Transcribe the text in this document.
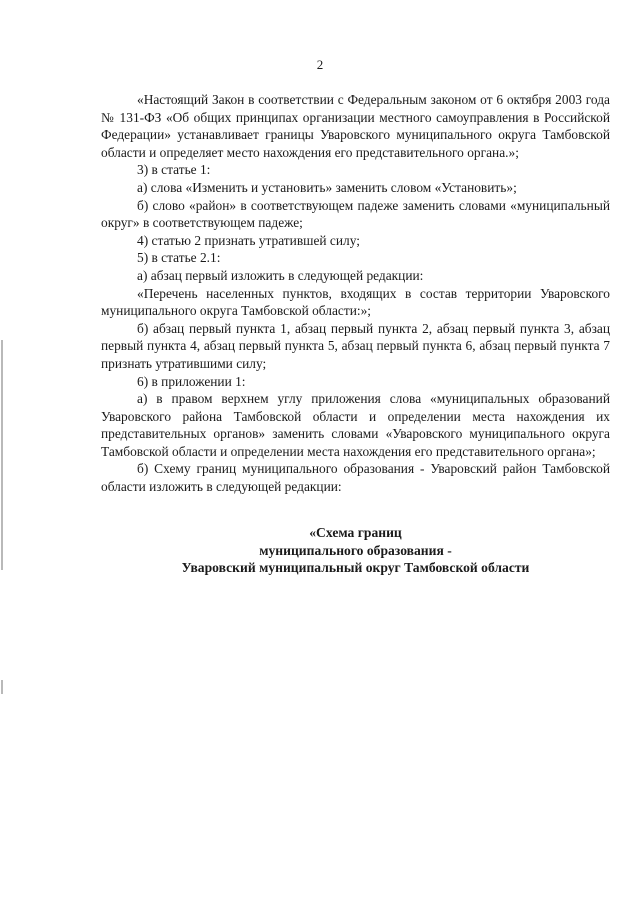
2

«Настоящий Закон в соответствии с Федеральным законом от 6 октября 2003 года № 131-ФЗ «Об общих принципах организации местного самоуправления в Российской Федерации» устанавливает границы Уваровского муниципального округа Тамбовской области и определяет место нахождения его представительного органа.»;

3) в статье 1:

а) слова «Изменить и установить» заменить словом «Установить»;

б) слово «район» в соответствующем падеже заменить словами «муниципальный округ» в соответствующем падеже;

4) статью 2 признать утратившей силу;

5) в статье 2.1:

а) абзац первый изложить в следующей редакции:

«Перечень населенных пунктов, входящих в состав территории Уваровского муниципального округа Тамбовской области:»;

б) абзац первый пункта 1, абзац первый пункта 2, абзац первый пункта 3, абзац первый пункта 4, абзац первый пункта 5, абзац первый пункта 6, абзац первый пункта 7 признать утратившими силу;

6) в приложении 1:

а) в правом верхнем углу приложения слова «муниципальных образований Уваровского района Тамбовской области и определении места нахождения их представительных органов» заменить словами «Уваровского муниципального округа Тамбовской области и определении места нахождения его представительного органа»;

б) Схему границ муниципального образования - Уваровский район Тамбовской области изложить в следующей редакции:

«Схема границ
муниципального образования -
Уваровский муниципальный округ Тамбовской области
